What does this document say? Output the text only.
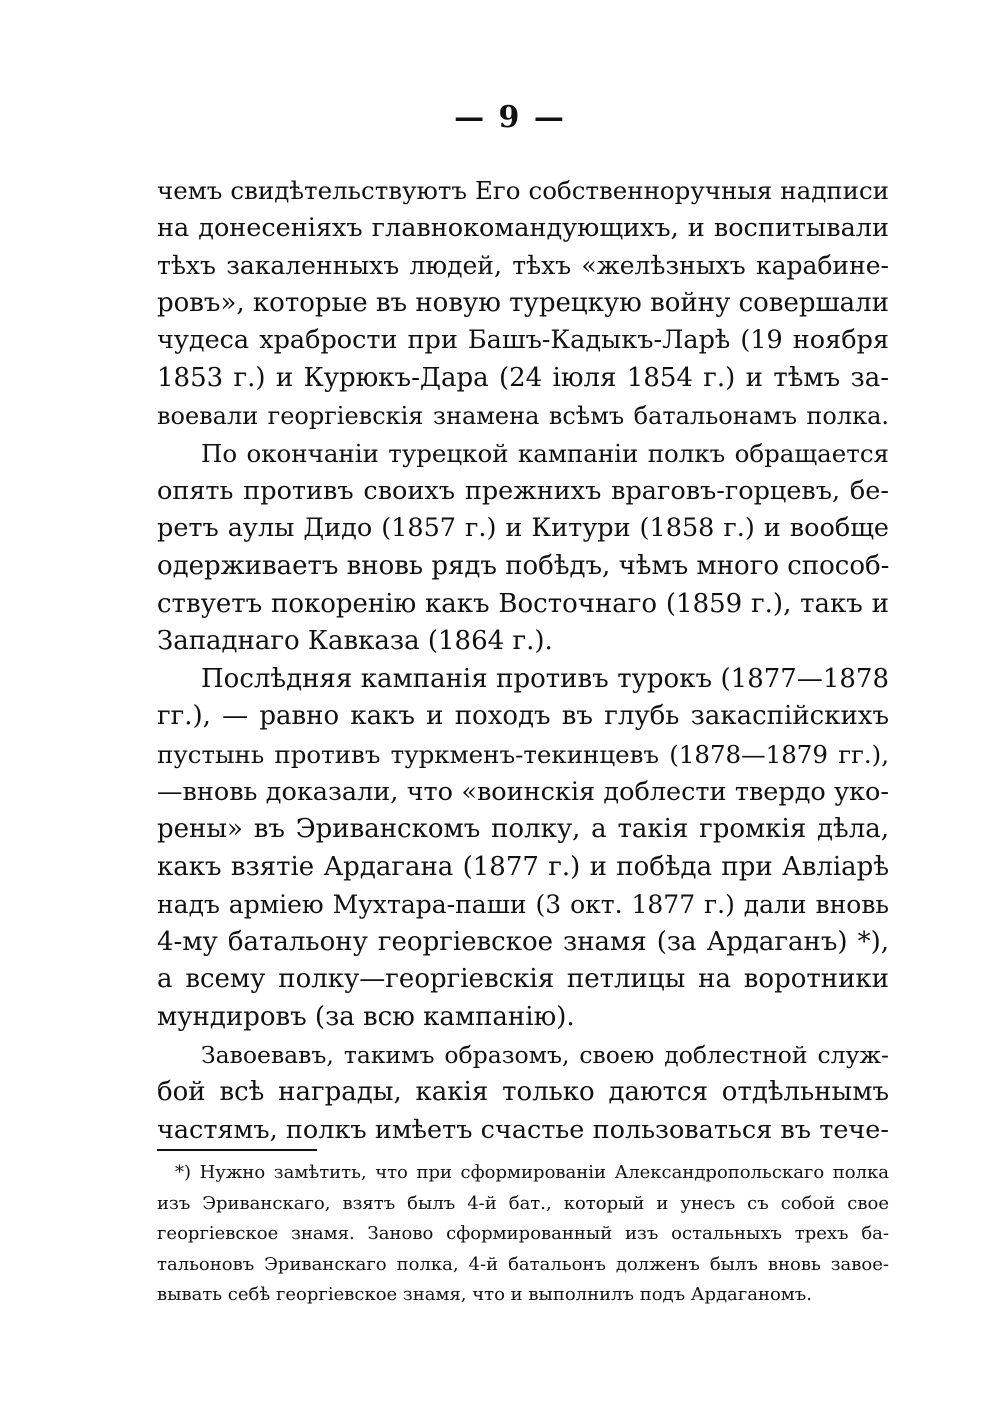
— 9 —
чемъ свидѣтельствуютъ Его собственноручныя надписи
на донесеніяхъ главнокомандующихъ, и воспитывали
тѣхъ закаленныхъ людей, тѣхъ «желѣзныхъ карабине-
ровъ», которые въ новую турецкую войну совершали
чудеса храбрости при Башъ-Кадыкъ-Ларѣ (19 ноября
1853 г.) и Курюкъ-Дара (24 іюля 1854 г.) и тѣмъ за-
воевали георгіевскія знамена всѣмъ батальонамъ полка.
По окончаніи турецкой кампаніи полкъ обращается
опять противъ своихъ прежнихъ враговъ-горцевъ, бе-
ретъ аулы Дидо (1857 г.) и Китури (1858 г.) и вообще
одерживаетъ вновь рядъ побѣдъ, чѣмъ много способ-
ствуетъ покоренію какъ Восточнаго (1859 г.), такъ и
Западнаго Кавказа (1864 г.).
Послѣдняя кампанія противъ турокъ (1877—1878
гг.), — равно какъ и походъ въ глубь закаспійскихъ
пустынь противъ туркменъ-текинцевъ (1878—1879 гг.),
—вновь доказали, что «воинскія доблести твердо уко-
рены» въ Эриванскомъ полку, а такія громкія дѣла,
какъ взятіе Ардагана (1877 г.) и побѣда при Авліарѣ
надъ арміею Мухтара-паши (3 окт. 1877 г.) дали вновь
4-му батальону георгіевское знамя (за Ардаганъ) *),
а всему полку—георгіевскія петлицы на воротники
мундировъ (за всю кампанію).
Завоевавъ, такимъ образомъ, своею доблестной служ-
бой всѣ награды, какія только даются отдѣльнымъ
частямъ, полкъ имѣетъ счастье пользоваться въ тече-
*) Нужно замѣтить, что при сформированіи Александропольскаго полка
изъ Эриванскаго, взятъ былъ 4-й бат., который и унесъ съ собой свое
георгіевское знамя. Заново сформированный изъ остальныхъ трехъ ба-
тальоновъ Эриванскаго полка, 4-й батальонъ долженъ былъ вновь завое-
вывать себѣ георгіевское знамя, что и выполнилъ подъ Ардаганомъ.
